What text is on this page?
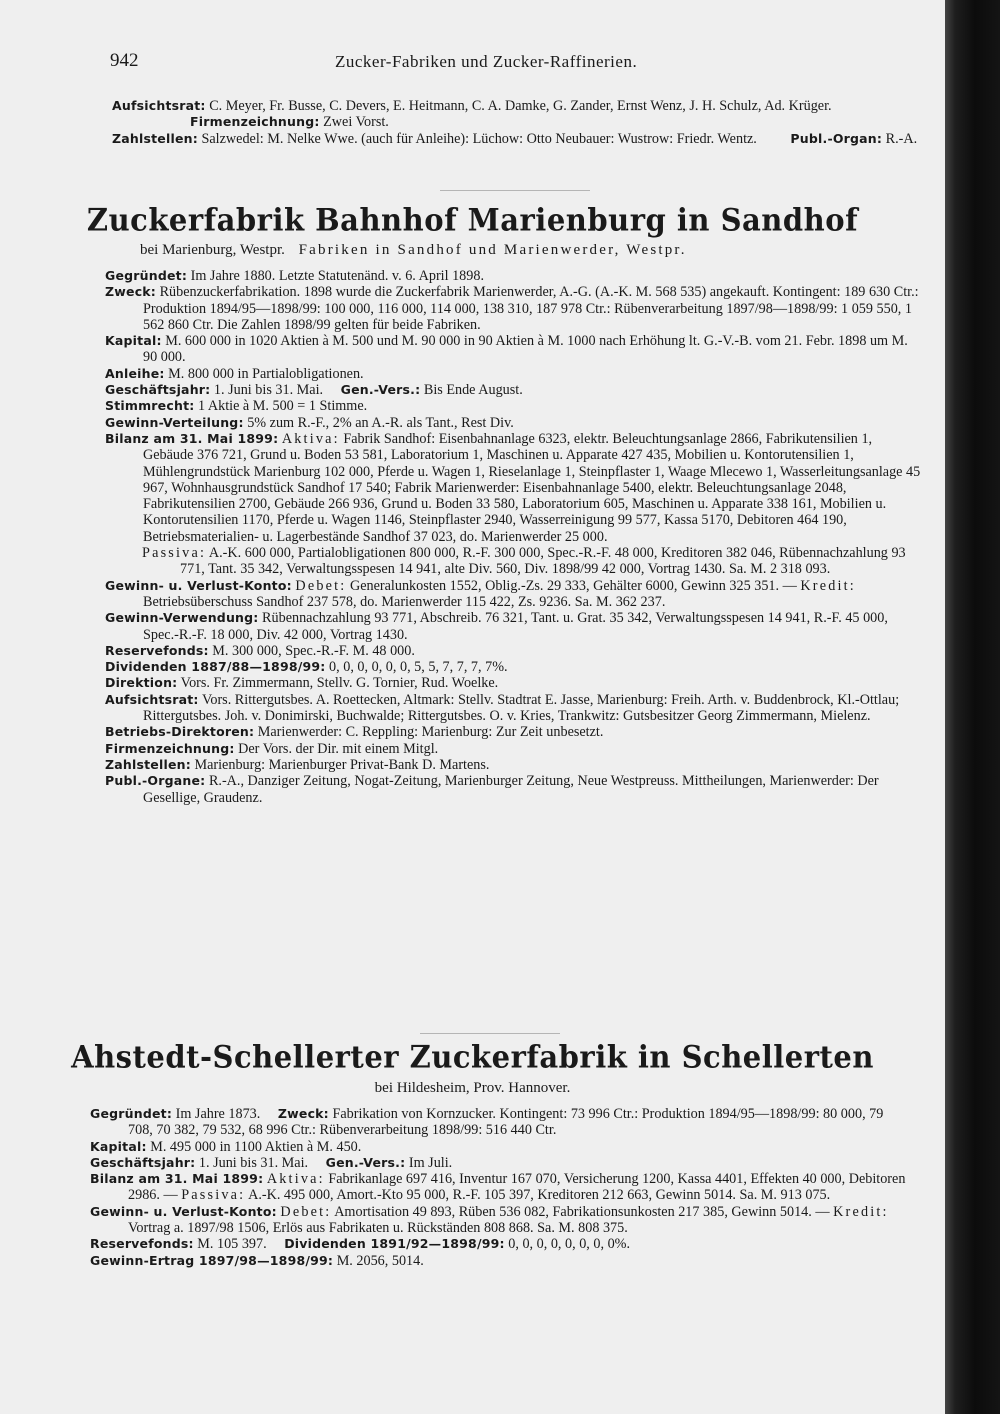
942	Zucker-Fabriken und Zucker-Raffinerien.

Aufsichtsrat: C. Meyer, Fr. Busse, C. Devers, E. Heitmann, C. A. Damke, G. Zander, Ernst Wenz, J. H. Schulz, Ad. Krüger. Firmenzeichnung: Zwei Vorst.

Zahlstellen: Salzwedel: M. Nelke Wwe. (auch für Anleihe): Lüchow: Otto Neubauer: Wustrow: Friedr. Wentz.	Publ.-Organ: R.-A.

Zuckerfabrik Bahnhof Marienburg in Sandhof
bei Marienburg, Westpr. Fabriken in Sandhof und Marienwerder, Westpr.

Gegründet: Im Jahre 1880. Letzte Statutenänd. v. 6. April 1898.

Zweck: Rübenzuckerfabrikation. 1898 wurde die Zuckerfabrik Marienwerder, A.-G. (A.-K. M. 568 535) angekauft. Kontingent: 189 630 Ctr.: Produktion 1894/95—1898/99: 100 000, 116 000, 114 000, 138 310, 187 978 Ctr.: Rübenverarbeitung 1897/98—1898/99: 1 059 550, 1 562 860 Ctr. Die Zahlen 1898/99 gelten für beide Fabriken.

Kapital: M. 600 000 in 1020 Aktien à M. 500 und M. 90 000 in 90 Aktien à M. 1000 nach Erhöhung lt. G.-V.-B. vom 21. Febr. 1898 um M. 90 000.

Anleihe: M. 800 000 in Partialobligationen.

Geschäftsjahr: 1. Juni bis 31. Mai. Gen.-Vers.: Bis Ende August.

Stimmrecht: 1 Aktie à M. 500 = 1 Stimme.

Gewinn-Verteilung: 5% zum R.-F., 2% an A.-R. als Tant., Rest Div.

Bilanz am 31. Mai 1899: Aktiva: Fabrik Sandhof: Eisenbahnanlage 6323, elektr. Beleuchtungsanlage 2866, Fabrikutensilien 1, Gebäude 376 721, Grund u. Boden 53 581, Laboratorium 1, Maschinen u. Apparate 427 435, Mobilien u. Kontorutensilien 1, Mühlengrundstück Marienburg 102 000, Pferde u. Wagen 1, Rieselanlage 1, Steinpflaster 1, Waage Mlecewo 1, Wasserleitungsanlage 45 967, Wohnhausgrundstück Sandhof 17 540; Fabrik Marienwerder: Eisenbahnanlage 5400, elektr. Beleuchtungsanlage 2048, Fabrikutensilien 2700, Gebäude 266 936, Grund u. Boden 33 580, Laboratorium 605, Maschinen u. Apparate 338 161, Mobilien u. Kontorutensilien 1170, Pferde u. Wagen 1146, Steinpflaster 2940, Wasserreinigung 99 577, Kassa 5170, Debitoren 464 190, Betriebsmaterialien- u. Lagerbestände Sandhof 37 023, do. Marienwerder 25 000.

Passiva: A.-K. 600 000, Partialobligationen 800 000, R.-F. 300 000, Spec.-R.-F. 48 000, Kreditoren 382 046, Rübennachzahlung 93 771, Tant. 35 342, Verwaltungsspesen 14 941, alte Div. 560, Div. 1898/99 42 000, Vortrag 1430. Sa. M. 2 318 093.

Gewinn- u. Verlust-Konto: Debet: Generalunkosten 1552, Oblig.-Zs. 29 333, Gehälter 6000, Gewinn 325 351. — Kredit: Betriebsüberschuss Sandhof 237 578, do. Marienwerder 115 422, Zs. 9236. Sa. M. 362 237.

Gewinn-Verwendung: Rübennachzahlung 93 771, Abschreib. 76 321, Tant. u. Grat. 35 342, Verwaltungsspesen 14 941, R.-F. 45 000, Spec.-R.-F. 18 000, Div. 42 000, Vortrag 1430.

Reservefonds: M. 300 000, Spec.-R.-F. M. 48 000.

Dividenden 1887/88—1898/99: 0, 0, 0, 0, 0, 0, 5, 5, 7, 7, 7, 7%.

Direktion: Vors. Fr. Zimmermann, Stellv. G. Tornier, Rud. Woelke.

Aufsichtsrat: Vors. Rittergutsbes. A. Roettecken, Altmark: Stellv. Stadtrat E. Jasse, Marienburg: Freih. Arth. v. Buddenbrock, Kl.-Ottlau; Rittergutsbes. Joh. v. Donimirski, Buchwalde; Rittergutsbes. O. v. Kries, Trankwitz: Gutsbesitzer Georg Zimmermann, Mielenz.

Betriebs-Direktoren: Marienwerder: C. Reppling: Marienburg: Zur Zeit unbesetzt.

Firmenzeichnung: Der Vors. der Dir. mit einem Mitgl.

Zahlstellen: Marienburg: Marienburger Privat-Bank D. Martens.

Publ.-Organe: R.-A., Danziger Zeitung, Nogat-Zeitung, Marienburger Zeitung, Neue Westpreuss. Mittheilungen, Marienwerder: Der Gesellige, Graudenz.

Ahstedt-Schellerter Zuckerfabrik in Schellerten
bei Hildesheim, Prov. Hannover.

Gegründet: Im Jahre 1873. Zweck: Fabrikation von Kornzucker. Kontingent: 73 996 Ctr.: Produktion 1894/95—1898/99: 80 000, 79 708, 70 382, 79 532, 68 996 Ctr.: Rübenverarbeitung 1898/99: 516 440 Ctr.

Kapital: M. 495 000 in 1100 Aktien à M. 450.

Geschäftsjahr: 1. Juni bis 31. Mai. Gen.-Vers.: Im Juli.

Bilanz am 31. Mai 1899: Aktiva: Fabrikanlage 697 416, Inventur 167 070, Versicherung 1200, Kassa 4401, Effekten 40 000, Debitoren 2986. — Passiva: A.-K. 495 000, Amort.-Kto 95 000, R.-F. 105 397, Kreditoren 212 663, Gewinn 5014. Sa. M. 913 075.

Gewinn- u. Verlust-Konto: Debet: Amortisation 49 893, Rüben 536 082, Fabrikationsunkosten 217 385, Gewinn 5014. — Kredit: Vortrag a. 1897/98 1506, Erlös aus Fabrikaten u. Rückständen 808 868. Sa. M. 808 375.

Reservefonds: M. 105 397. Dividenden 1891/92—1898/99: 0, 0, 0, 0, 0, 0, 0, 0%.

Gewinn-Ertrag 1897/98—1898/99: M. 2056, 5014.
